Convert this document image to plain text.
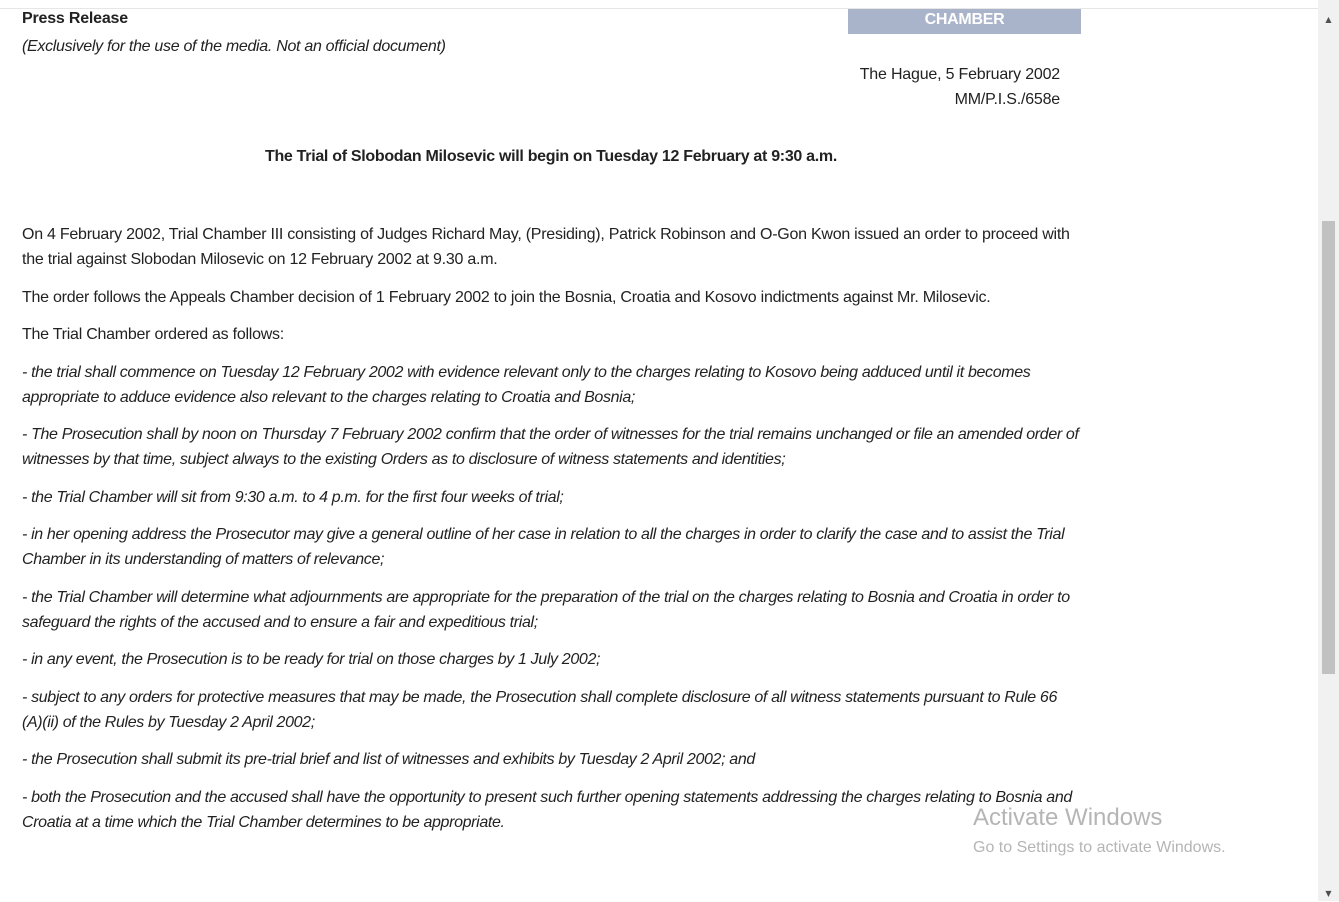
Press Release
(Exclusively for the use of the media. Not an official document)
CHAMBER
The Hague, 5 February 2002
MM/P.I.S./658e
The Trial of Slobodan Milosevic will begin on Tuesday 12 February at 9:30 a.m.

On 4 February 2002, Trial Chamber III consisting of Judges Richard May, (Presiding), Patrick Robinson and O-Gon Kwon issued an order to proceed with the trial against Slobodan Milosevic on 12 February 2002 at 9.30 a.m.

The order follows the Appeals Chamber decision of 1 February 2002 to join the Bosnia, Croatia and Kosovo indictments against Mr. Milosevic.

The Trial Chamber ordered as follows:

- the trial shall commence on Tuesday 12 February 2002 with evidence relevant only to the charges relating to Kosovo being adduced until it becomes appropriate to adduce evidence also relevant to the charges relating to Croatia and Bosnia;

- The Prosecution shall by noon on Thursday 7 February 2002 confirm that the order of witnesses for the trial remains unchanged or file an amended order of witnesses by that time, subject always to the existing Orders as to disclosure of witness statements and identities;

- the Trial Chamber will sit from 9:30 a.m. to 4 p.m. for the first four weeks of trial;

- in her opening address the Prosecutor may give a general outline of her case in relation to all the charges in order to clarify the case and to assist the Trial Chamber in its understanding of matters of relevance;

- the Trial Chamber will determine what adjournments are appropriate for the preparation of the trial on the charges relating to Bosnia and Croatia in order to safeguard the rights of the accused and to ensure a fair and expeditious trial;

- in any event, the Prosecution is to be ready for trial on those charges by 1 July 2002;

- subject to any orders for protective measures that may be made, the Prosecution shall complete disclosure of all witness statements pursuant to Rule 66 (A)(ii) of the Rules by Tuesday 2 April 2002;

- the Prosecution shall submit its pre-trial brief and list of witnesses and exhibits by Tuesday 2 April 2002; and

- both the Prosecution and the accused shall have the opportunity to present such further opening statements addressing the charges relating to Bosnia and Croatia at a time which the Trial Chamber determines to be appropriate.	Activate Windows
Go to Settings to activate Windows.
▲
▼
